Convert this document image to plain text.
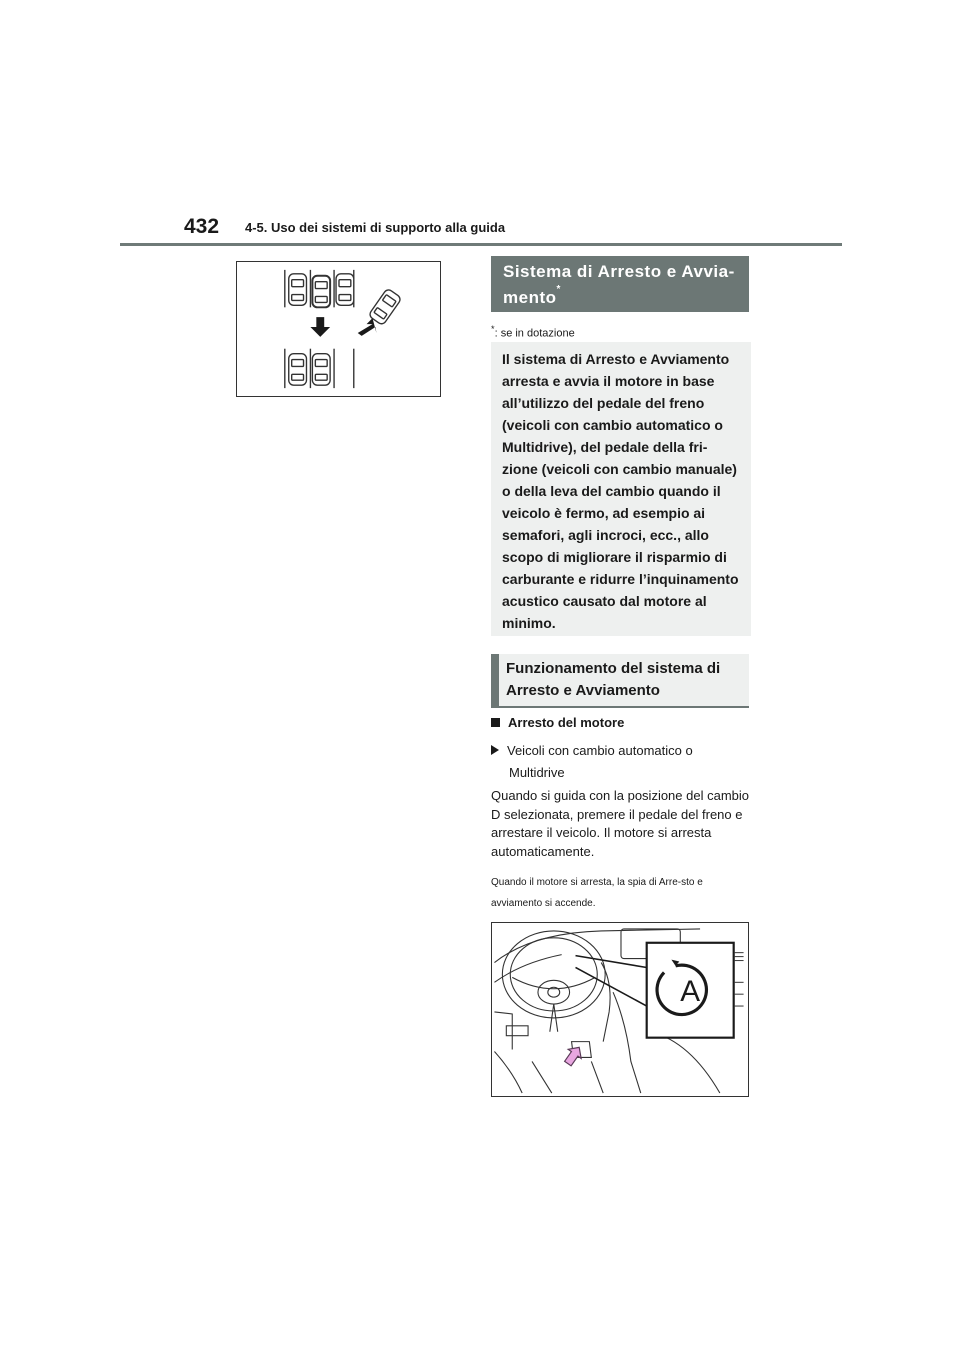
432 4-5. Uso dei sistemi di supporto alla guida
Sistema di Arresto e Avvia-mento*
*: se in dotazione
Il sistema di Arresto e Avviamento arresta e avvia il motore in base all’utilizzo del pedale del freno (veicoli con cambio automatico o Multidrive), del pedale della fri-zione (veicoli con cambio manuale) o della leva del cambio quando il veicolo è fermo, ad esempio ai semafori, agli incroci, ecc., allo scopo di migliorare il risparmio di carburante e ridurre l’inquinamento acustico causato dal motore al minimo.
Funzionamento del sistema di Arresto e Avviamento
Arresto del motore
Veicoli con cambio automatico o
Multidrive

Quando si guida con la posizione del cambio D selezionata, premere il pedale del freno e arrestare il veicolo. Il motore si arresta automaticamente.

Quando il motore si arresta, la spia di Arre-sto e avviamento si accende.

A
